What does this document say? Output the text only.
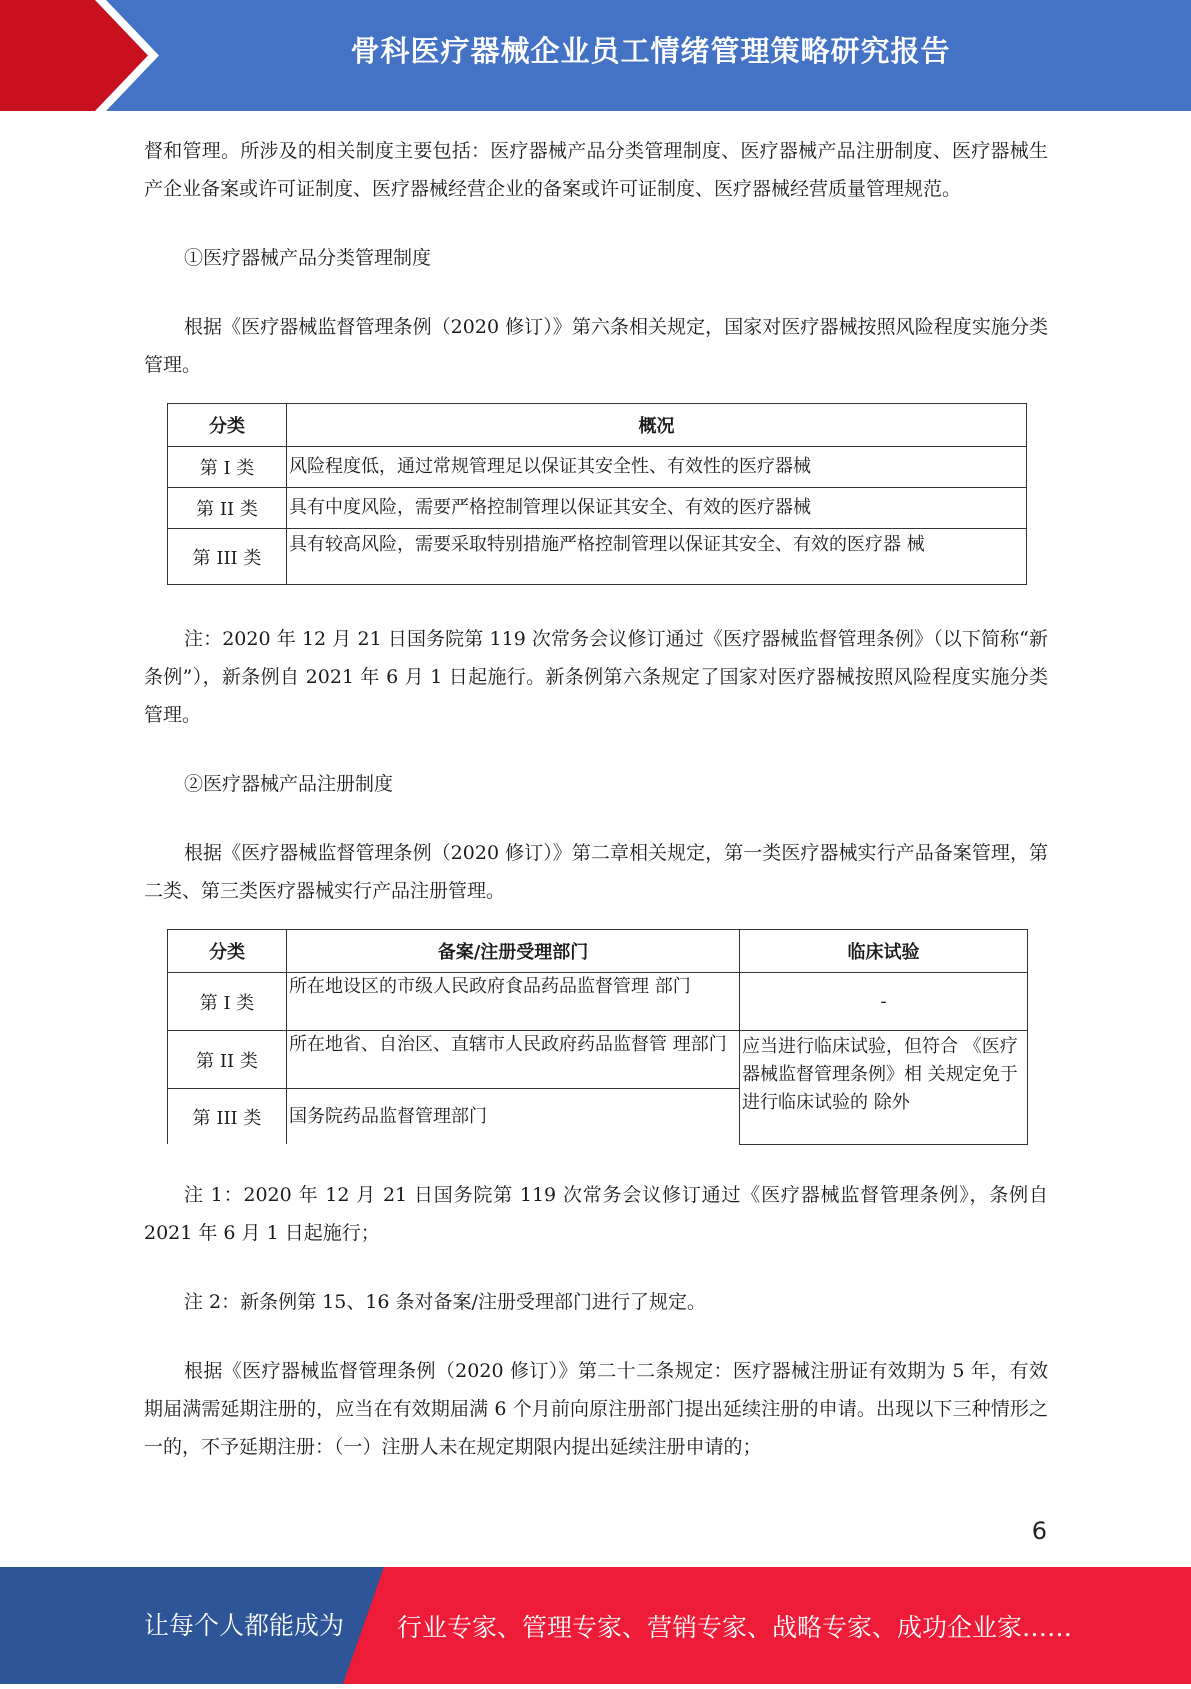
骨科医疗器械企业员工情绪管理策略研究报告

督和管理。所涉及的相关制度主要包括：医疗器械产品分类管理制度、医疗器械产品注册制度、医疗器械生产企业备案或许可证制度、医疗器械经营企业的备案或许可证制度、医疗器械经营质量管理规范。

①医疗器械产品分类管理制度

根据《医疗器械监督管理条例（2020 修订）》第六条相关规定，国家对医疗器械按照风险程度实施分类管理。

分类	概况
第 I 类	风险程度低，通过常规管理足以保证其安全性、有效性的医疗器械
第 II 类	具有中度风险，需要严格控制管理以保证其安全、有效的医疗器械
第 III 类	具有较高风险，需要采取特别措施严格控制管理以保证其安全、有效的医疗器 械

注：2020 年 12 月 21 日国务院第 119 次常务会议修订通过《医疗器械监督管理条例》（以下简称“新条例”），新条例自 2021 年 6 月 1 日起施行。新条例第六条规定了国家对医疗器械按照风险程度实施分类管理。

②医疗器械产品注册制度

根据《医疗器械监督管理条例（2020 修订）》第二章相关规定，第一类医疗器械实行产品备案管理，第二类、第三类医疗器械实行产品注册管理。

分类	备案/注册受理部门	临床试验
第 I 类	所在地设区的市级人民政府食品药品监督管理 部门	-
第 II 类	所在地省、自治区、直辖市人民政府药品监督管 理部门	应当进行临床试验，但符合 《医疗器械监督管理条例》相 关规定免于进行临床试验的 除外
第 III 类	国务院药品监督管理部门	

注 1：2020 年 12 月 21 日国务院第 119 次常务会议修订通过《医疗器械监督管理条例》，条例自 2021 年 6 月 1 日起施行；

注 2：新条例第 15、16 条对备案/注册受理部门进行了规定。

根据《医疗器械监督管理条例（2020 修订）》第二十二条规定：医疗器械注册证有效期为 5 年，有效期届满需延期注册的，应当在有效期届满 6 个月前向原注册部门提出延续注册的申请。出现以下三种情形之一的，不予延期注册：（一）注册人未在规定期限内提出延续注册申请的；

6
让每个人都能成为 行业专家、管理专家、营销专家、战略专家、成功企业家……
